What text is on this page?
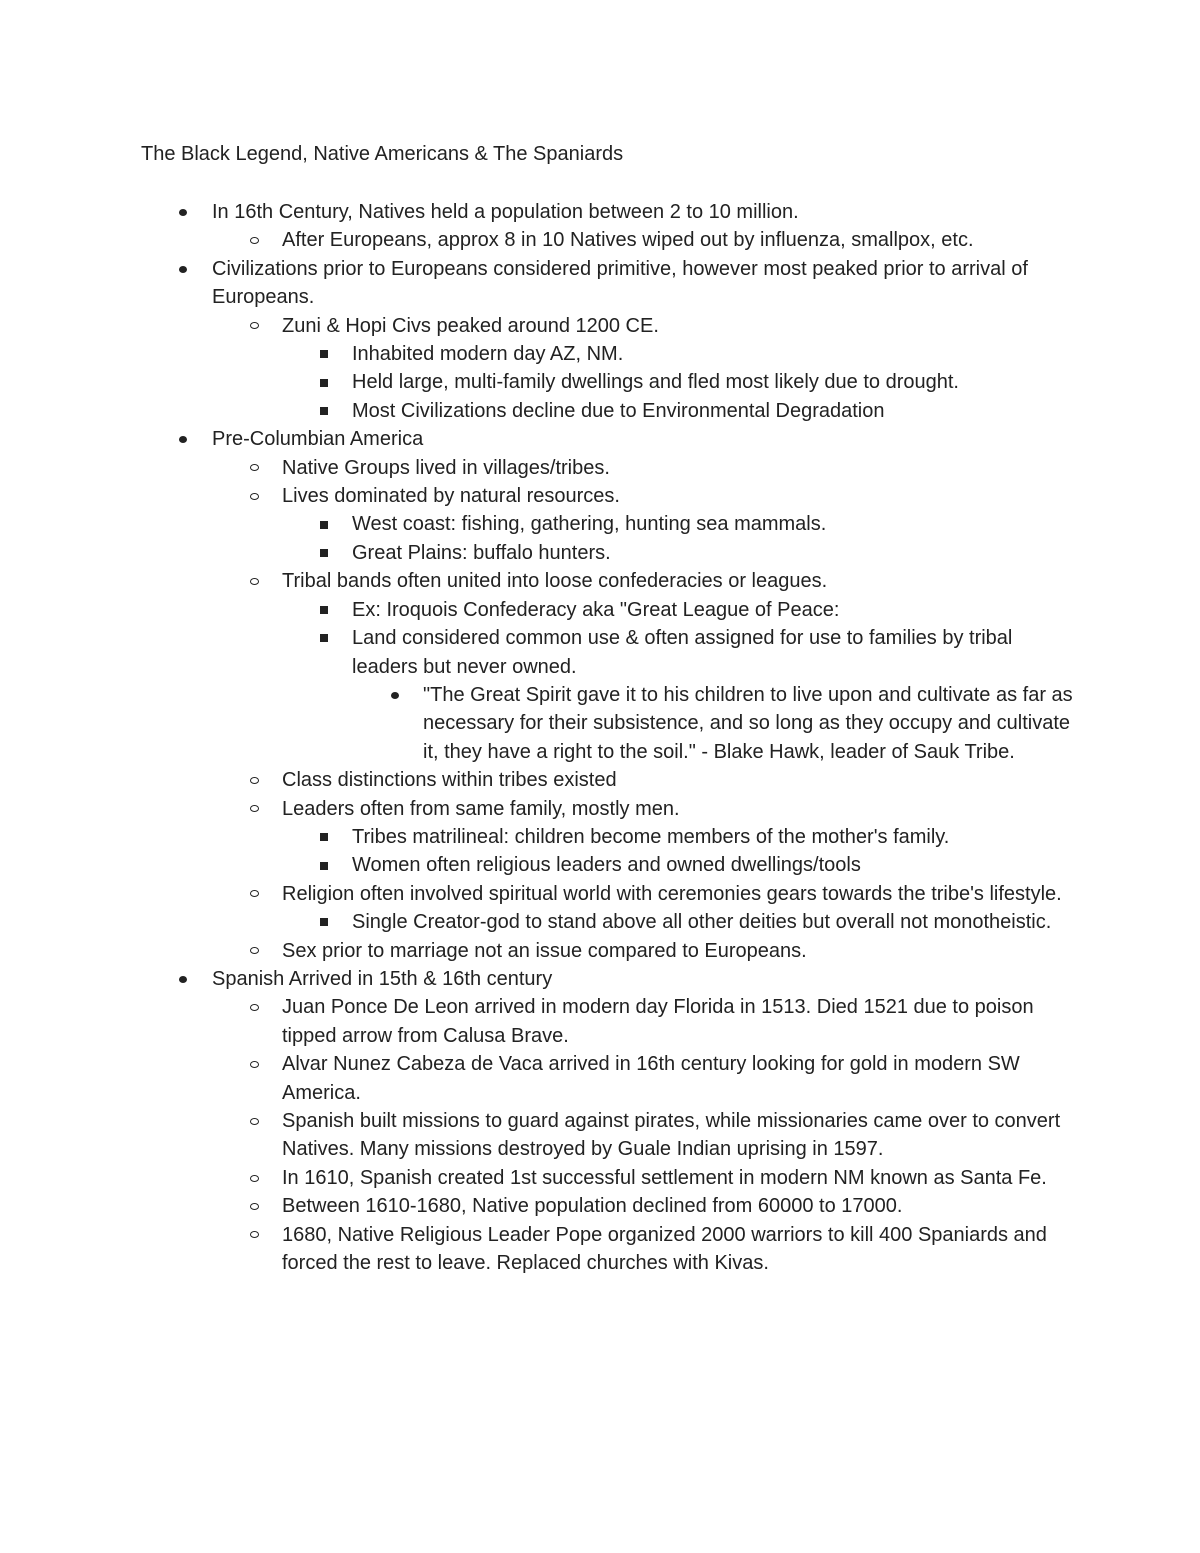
The Black Legend, Native Americans & The Spaniards
In 16th Century, Natives held a population between 2 to 10 million.
After Europeans, approx 8 in 10 Natives wiped out by influenza, smallpox, etc.
Civilizations prior to Europeans considered primitive, however most peaked prior to arrival of Europeans.
Zuni & Hopi Civs peaked around 1200 CE.
Inhabited modern day AZ, NM.
Held large, multi-family dwellings and fled most likely due to drought.
Most Civilizations decline due to Environmental Degradation
Pre-Columbian America
Native Groups lived in villages/tribes.
Lives dominated by natural resources.
West coast: fishing, gathering, hunting sea mammals.
Great Plains: buffalo hunters.
Tribal bands often united into loose confederacies or leagues.
Ex: Iroquois Confederacy aka "Great League of Peace:
Land considered common use & often assigned for use to families by tribal leaders but never owned.
"The Great Spirit gave it to his children to live upon and cultivate as far as necessary for their subsistence, and so long as they occupy and cultivate it, they have a right to the soil." - Blake Hawk, leader of Sauk Tribe.
Class distinctions within tribes existed
Leaders often from same family, mostly men.
Tribes matrilineal: children become members of the mother's family.
Women often religious leaders and owned dwellings/tools
Religion often involved spiritual world with ceremonies gears towards the tribe's lifestyle.
Single Creator-god to stand above all other deities but overall not monotheistic.
Sex prior to marriage not an issue compared to Europeans.
Spanish Arrived in 15th & 16th century
Juan Ponce De Leon arrived in modern day Florida in 1513. Died 1521 due to poison tipped arrow from Calusa Brave.
Alvar Nunez Cabeza de Vaca arrived in 16th century looking for gold in modern SW America.
Spanish built missions to guard against pirates, while missionaries came over to convert Natives. Many missions destroyed by Guale Indian uprising in 1597.
In 1610, Spanish created 1st successful settlement in modern NM known as Santa Fe.
Between 1610-1680, Native population declined from 60000 to 17000.
1680, Native Religious Leader Pope organized 2000 warriors to kill 400 Spaniards and forced the rest to leave. Replaced churches with Kivas.
